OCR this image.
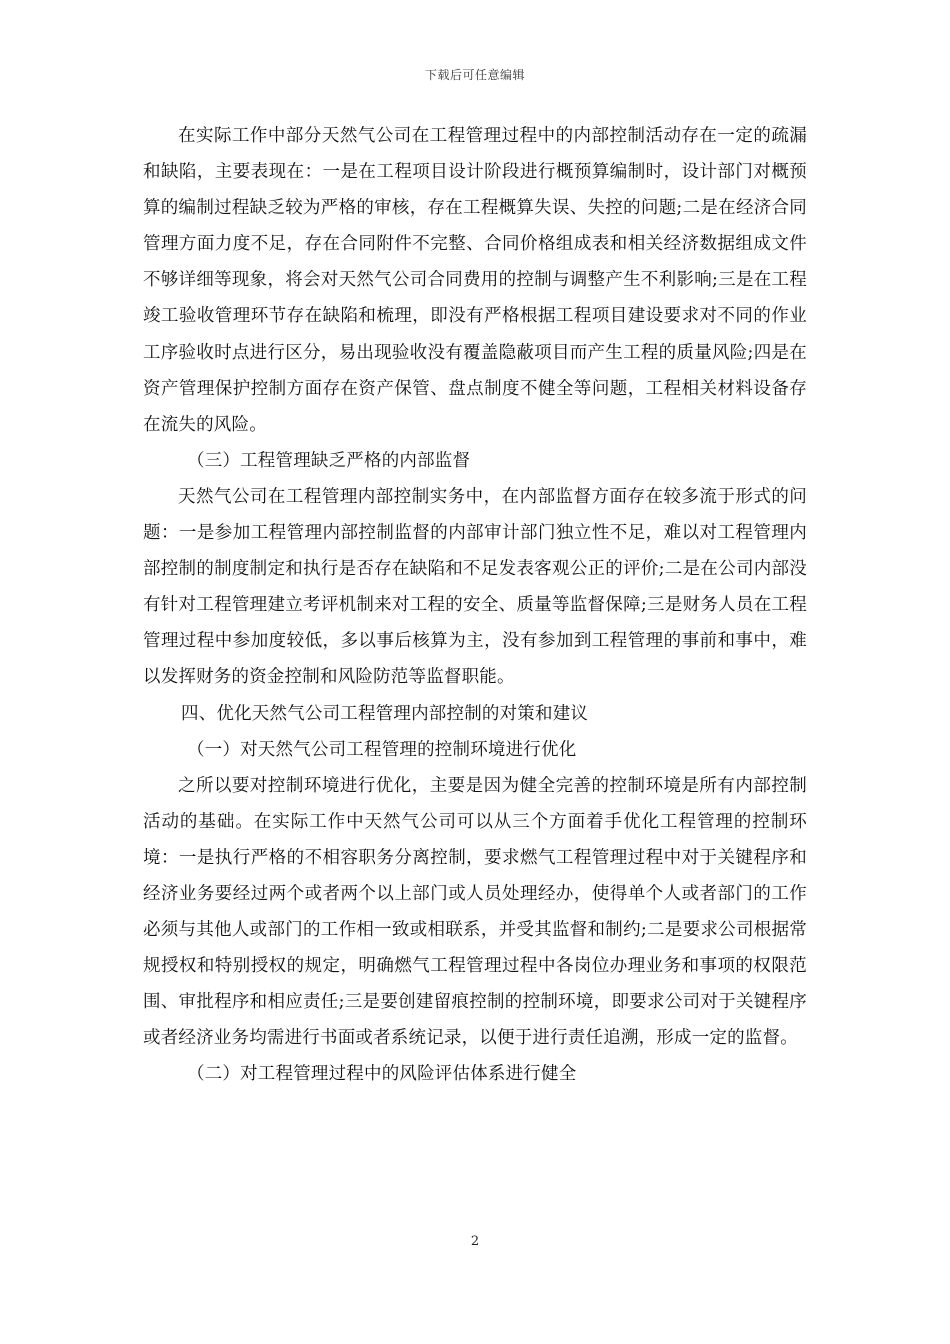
下载后可任意编辑

在实际工作中部分天然气公司在工程管理过程中的内部控制活动存在一定的疏漏和缺陷，主要表现在：一是在工程项目设计阶段进行概预算编制时，设计部门对概预算的编制过程缺乏较为严格的审核，存在工程概算失误、失控的问题;二是在经济合同管理方面力度不足，存在合同附件不完整、合同价格组成表和相关经济数据组成文件不够详细等现象，将会对天然气公司合同费用的控制与调整产生不利影响;三是在工程竣工验收管理环节存在缺陷和梳理，即没有严格根据工程项目建设要求对不同的作业工序验收时点进行区分，易出现验收没有覆盖隐蔽项目而产生工程的质量风险;四是在资产管理保护控制方面存在资产保管、盘点制度不健全等问题，工程相关材料设备存在流失的风险。

（三）工程管理缺乏严格的内部监督

天然气公司在工程管理内部控制实务中，在内部监督方面存在较多流于形式的问题：一是参加工程管理内部控制监督的内部审计部门独立性不足，难以对工程管理内部控制的制度制定和执行是否存在缺陷和不足发表客观公正的评价;二是在公司内部没有针对工程管理建立考评机制来对工程的安全、质量等监督保障;三是财务人员在工程管理过程中参加度较低，多以事后核算为主，没有参加到工程管理的事前和事中，难以发挥财务的资金控制和风险防范等监督职能。

四、优化天然气公司工程管理内部控制的对策和建议

（一）对天然气公司工程管理的控制环境进行优化

之所以要对控制环境进行优化，主要是因为健全完善的控制环境是所有内部控制活动的基础。在实际工作中天然气公司可以从三个方面着手优化工程管理的控制环境：一是执行严格的不相容职务分离控制，要求燃气工程管理过程中对于关键程序和经济业务要经过两个或者两个以上部门或人员处理经办，使得单个人或者部门的工作必须与其他人或部门的工作相一致或相联系，并受其监督和制约;二是要求公司根据常规授权和特别授权的规定，明确燃气工程管理过程中各岗位办理业务和事项的权限范围、审批程序和相应责任;三是要创建留痕控制的控制环境，即要求公司对于关键程序或者经济业务均需进行书面或者系统记录，以便于进行责任追溯，形成一定的监督。

（二）对工程管理过程中的风险评估体系进行健全

2
